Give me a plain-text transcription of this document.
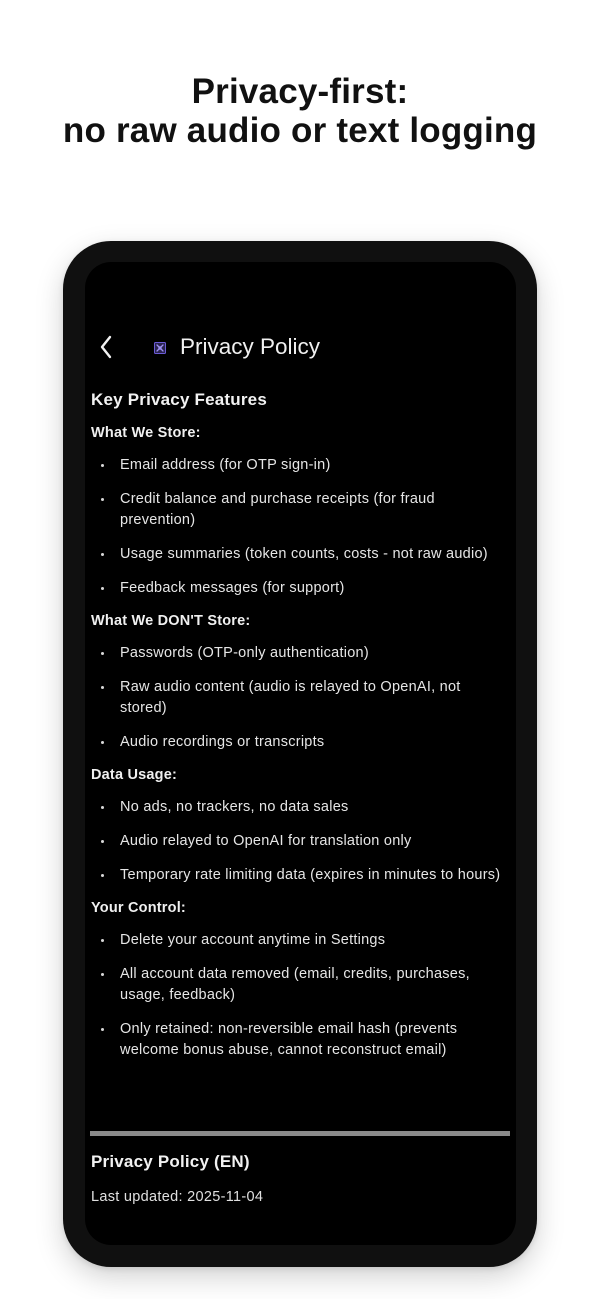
Privacy-first:
no raw audio or text logging
Privacy Policy
Key Privacy Features
What We Store:
Email address (for OTP sign-in)
Credit balance and purchase receipts (for fraud prevention)
Usage summaries (token counts, costs - not raw audio)
Feedback messages (for support)
What We DON'T Store:
Passwords (OTP-only authentication)
Raw audio content (audio is relayed to OpenAI, not stored)
Audio recordings or transcripts
Data Usage:
No ads, no trackers, no data sales
Audio relayed to OpenAI for translation only
Temporary rate limiting data (expires in minutes to hours)
Your Control:
Delete your account anytime in Settings
All account data removed (email, credits, purchases, usage, feedback)
Only retained: non-reversible email hash (prevents welcome bonus abuse, cannot reconstruct email)
Privacy Policy (EN)
Last updated: 2025-11-04
